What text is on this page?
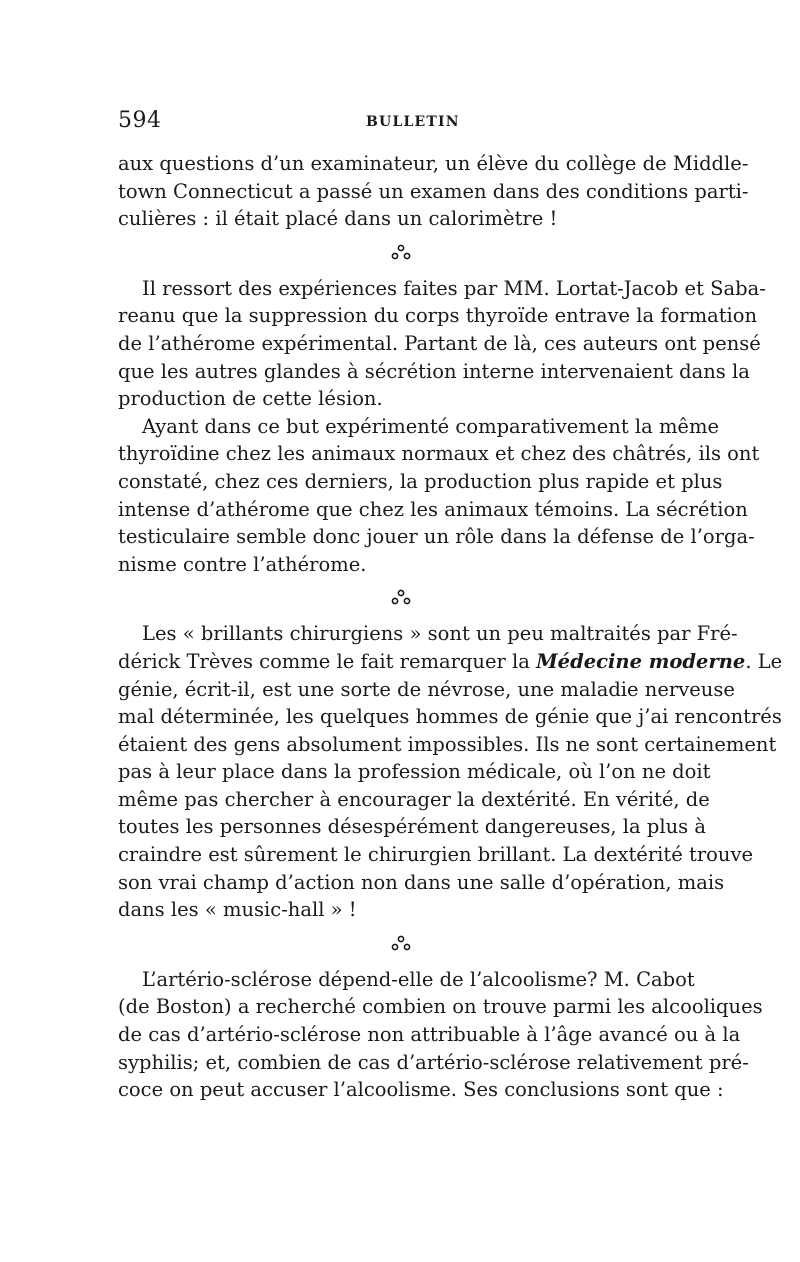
594	BULLETIN
aux questions d’un examinateur, un élève du collège de Middle-
town Connecticut a passé un examen dans des conditions parti-
culières : il était placé dans un calorimètre !
Il ressort des expériences faites par MM. Lortat-Jacob et Saba-
reanu que la suppression du corps thyroïde entrave la formation
de l’athérome expérimental. Partant de là, ces auteurs ont pensé
que les autres glandes à sécrétion interne intervenaient dans la
production de cette lésion.
Ayant dans ce but expérimenté comparativement la même
thyroïdine chez les animaux normaux et chez des châtrés, ils ont
constaté, chez ces derniers, la production plus rapide et plus
intense d’athérome que chez les animaux témoins. La sécrétion
testiculaire semble donc jouer un rôle dans la défense de l’orga-
nisme contre l’athérome.
Les « brillants chirurgiens » sont un peu maltraités par Fré-
dérick Trèves comme le fait remarquer la Médecine moderne. Le
génie, écrit-il, est une sorte de névrose, une maladie nerveuse
mal déterminée, les quelques hommes de génie que j’ai rencontrés
étaient des gens absolument impossibles. Ils ne sont certainement
pas à leur place dans la profession médicale, où l’on ne doit
même pas chercher à encourager la dextérité. En vérité, de
toutes les personnes désespérément dangereuses, la plus à
craindre est sûrement le chirurgien brillant. La dextérité trouve
son vrai champ d’action non dans une salle d’opération, mais
dans les « music-hall » !
L’artério-sclérose dépend-elle de l’alcoolisme? M. Cabot
(de Boston) a recherché combien on trouve parmi les alcooliques
de cas d’artério-sclérose non attribuable à l’âge avancé ou à la
syphilis; et, combien de cas d’artério-sclérose relativement pré-
coce on peut accuser l’alcoolisme. Ses conclusions sont que :
